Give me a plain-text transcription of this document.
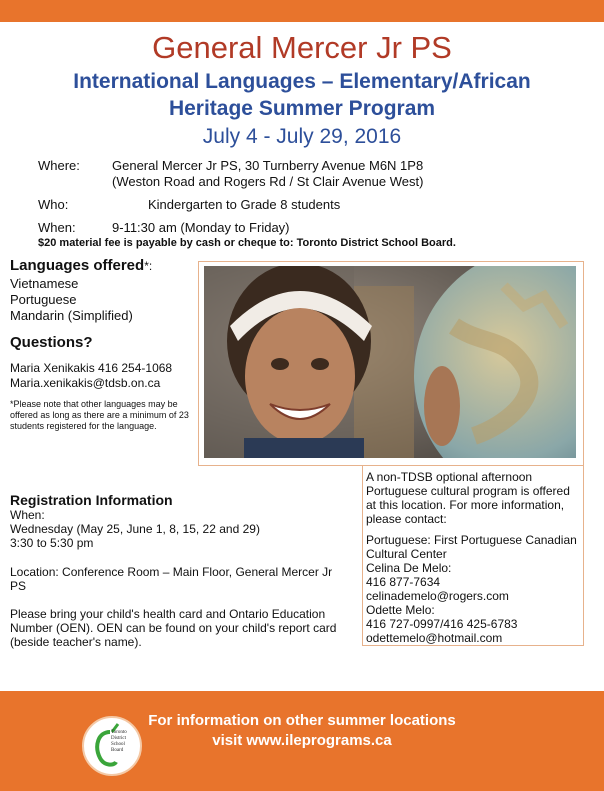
General Mercer Jr PS
International Languages – Elementary/African
Heritage Summer Program
July 4 - July 29, 2016
Where: General Mercer Jr PS, 30 Turnberry Avenue M6N 1P8
(Weston Road and Rogers Rd / St Clair Avenue West)
Who:	Kindergarten to Grade 8 students
When:	9-11:30 am (Monday to Friday)
$20 material fee is payable by cash or cheque to: Toronto District School Board.
Languages offered*:
Vietnamese
Portuguese
Mandarin (Simplified)
Questions?
Maria Xenikakis 416 254-1068
Maria.xenikakis@tdsb.on.ca
*Please note that other languages may be
offered as long as there are a minimum of 23
students registered for the language.
A non-TDSB optional afternoon
Portuguese cultural program is offered
at this location. For more information,
please contact:
Portuguese: First Portuguese Canadian
Cultural Center
Celina De Melo:
416 877-7634
celinademelo@rogers.com
Odette Melo:
416 727-0997/416 425-6783
odettemelo@hotmail.com
Registration Information
When:
Wednesday (May 25, June 1, 8, 15, 22 and 29)
3:30 to 5:30 pm
Location: Conference Room – Main Floor, General Mercer Jr
PS
Please bring your child's health card and Ontario Education
Number (OEN). OEN can be found on your child's report card
(beside teacher's name).
Toronto
District
School
Board
For information on other summer locations
visit www.ileprograms.ca
